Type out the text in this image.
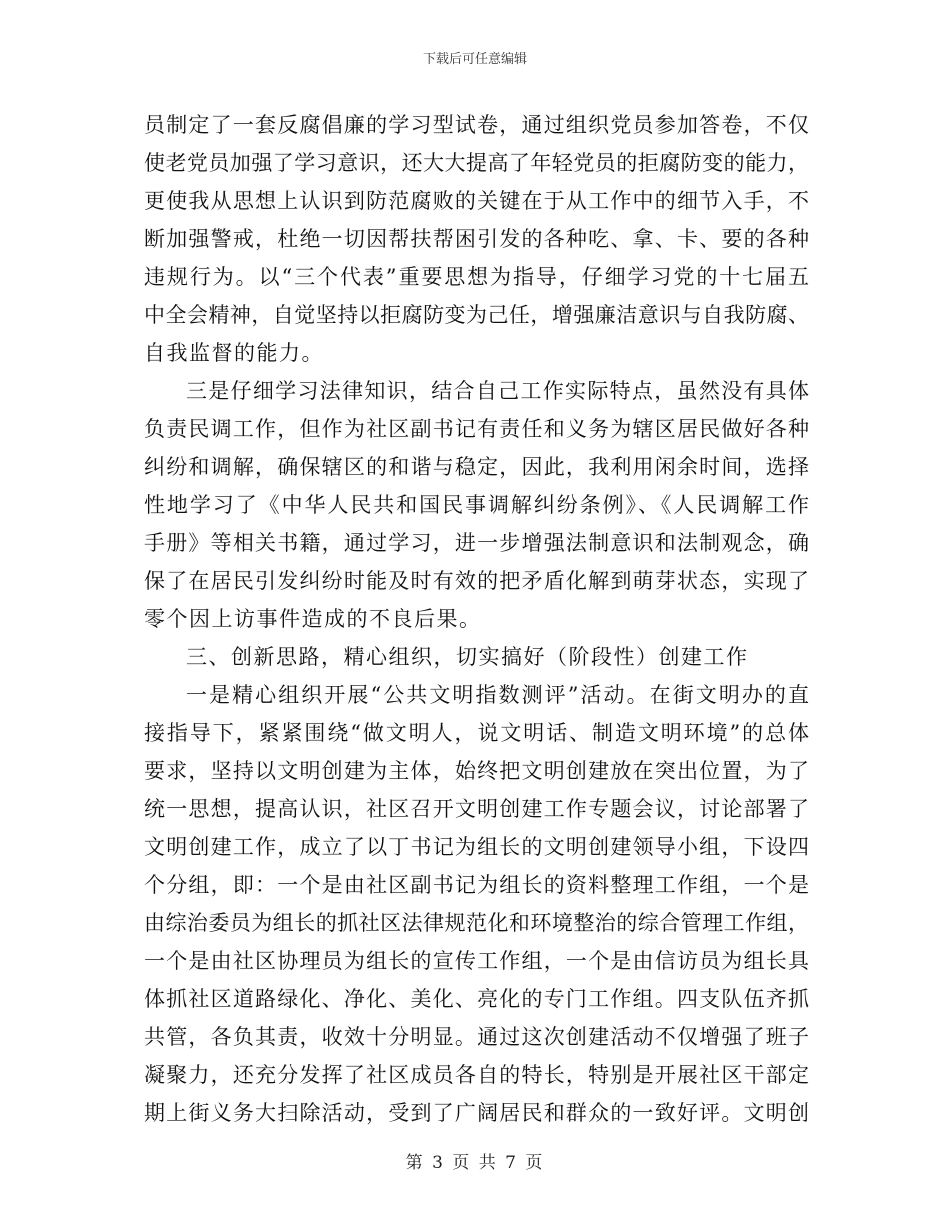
下载后可任意编辑
员制定了一套反腐倡廉的学习型试卷，通过组织党员参加答卷，不仅
使老党员加强了学习意识，还大大提高了年轻党员的拒腐防变的能力，
更使我从思想上认识到防范腐败的关键在于从工作中的细节入手，不
断加强警戒，杜绝一切因帮扶帮困引发的各种吃、拿、卡、要的各种
违规行为。以“三个代表”重要思想为指导，仔细学习党的十七届五
中全会精神，自觉坚持以拒腐防变为己任，增强廉洁意识与自我防腐、
自我监督的能力。
三是仔细学习法律知识，结合自己工作实际特点，虽然没有具体
负责民调工作，但作为社区副书记有责任和义务为辖区居民做好各种
纠纷和调解，确保辖区的和谐与稳定，因此，我利用闲余时间，选择
性地学习了《中华人民共和国民事调解纠纷条例》、《人民调解工作
手册》等相关书籍，通过学习，进一步增强法制意识和法制观念，确
保了在居民引发纠纷时能及时有效的把矛盾化解到萌芽状态，实现了
零个因上访事件造成的不良后果。
三、创新思路，精心组织，切实搞好（阶段性）创建工作
一是精心组织开展“公共文明指数测评”活动。在街文明办的直
接指导下，紧紧围绕“做文明人，说文明话、制造文明环境”的总体
要求，坚持以文明创建为主体，始终把文明创建放在突出位置，为了
统一思想，提高认识，社区召开文明创建工作专题会议，讨论部署了
文明创建工作，成立了以丁书记为组长的文明创建领导小组，下设四
个分组，即：一个是由社区副书记为组长的资料整理工作组，一个是
由综治委员为组长的抓社区法律规范化和环境整治的综合管理工作组，
一个是由社区协理员为组长的宣传工作组，一个是由信访员为组长具
体抓社区道路绿化、净化、美化、亮化的专门工作组。四支队伍齐抓
共管，各负其责，收效十分明显。通过这次创建活动不仅增强了班子
凝聚力，还充分发挥了社区成员各自的特长，特别是开展社区干部定
期上街义务大扫除活动，受到了广阔居民和群众的一致好评。文明创
第 3 页 共 7 页
